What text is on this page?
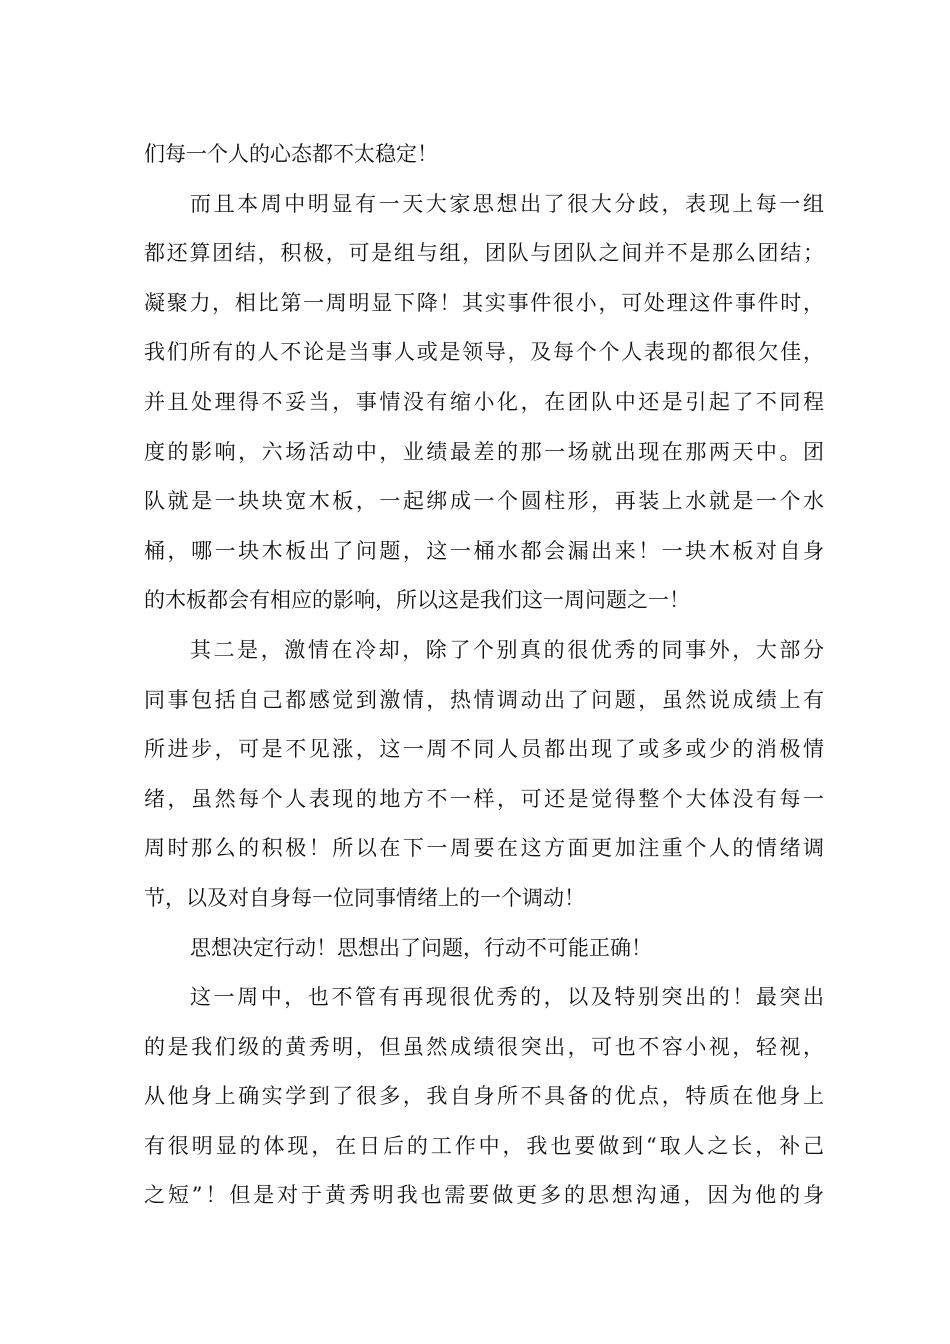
们每一个人的心态都不太稳定！
而且本周中明显有一天大家思想出了很大分歧，表现上每一组
都还算团结，积极，可是组与组，团队与团队之间并不是那么团结；
凝聚力，相比第一周明显下降！其实事件很小，可处理这件事件时，
我们所有的人不论是当事人或是领导，及每个个人表现的都很欠佳，
并且处理得不妥当，事情没有缩小化，在团队中还是引起了不同程
度的影响，六场活动中，业绩最差的那一场就出现在那两天中。团
队就是一块块宽木板，一起绑成一个圆柱形，再装上水就是一个水
桶，哪一块木板出了问题，这一桶水都会漏出来！一块木板对自身
的木板都会有相应的影响，所以这是我们这一周问题之一！
其二是，激情在冷却，除了个别真的很优秀的同事外，大部分
同事包括自己都感觉到激情，热情调动出了问题，虽然说成绩上有
所进步，可是不见涨，这一周不同人员都出现了或多或少的消极情
绪，虽然每个人表现的地方不一样，可还是觉得整个大体没有每一
周时那么的积极！所以在下一周要在这方面更加注重个人的情绪调
节，以及对自身每一位同事情绪上的一个调动！
思想决定行动！思想出了问题，行动不可能正确！
这一周中，也不管有再现很优秀的，以及特别突出的！最突出
的是我们级的黄秀明，但虽然成绩很突出，可也不容小视，轻视，
从他身上确实学到了很多，我自身所不具备的优点，特质在他身上
有很明显的体现，在日后的工作中，我也要做到“取人之长，补己
之短”！但是对于黄秀明我也需要做更多的思想沟通，因为他的身
